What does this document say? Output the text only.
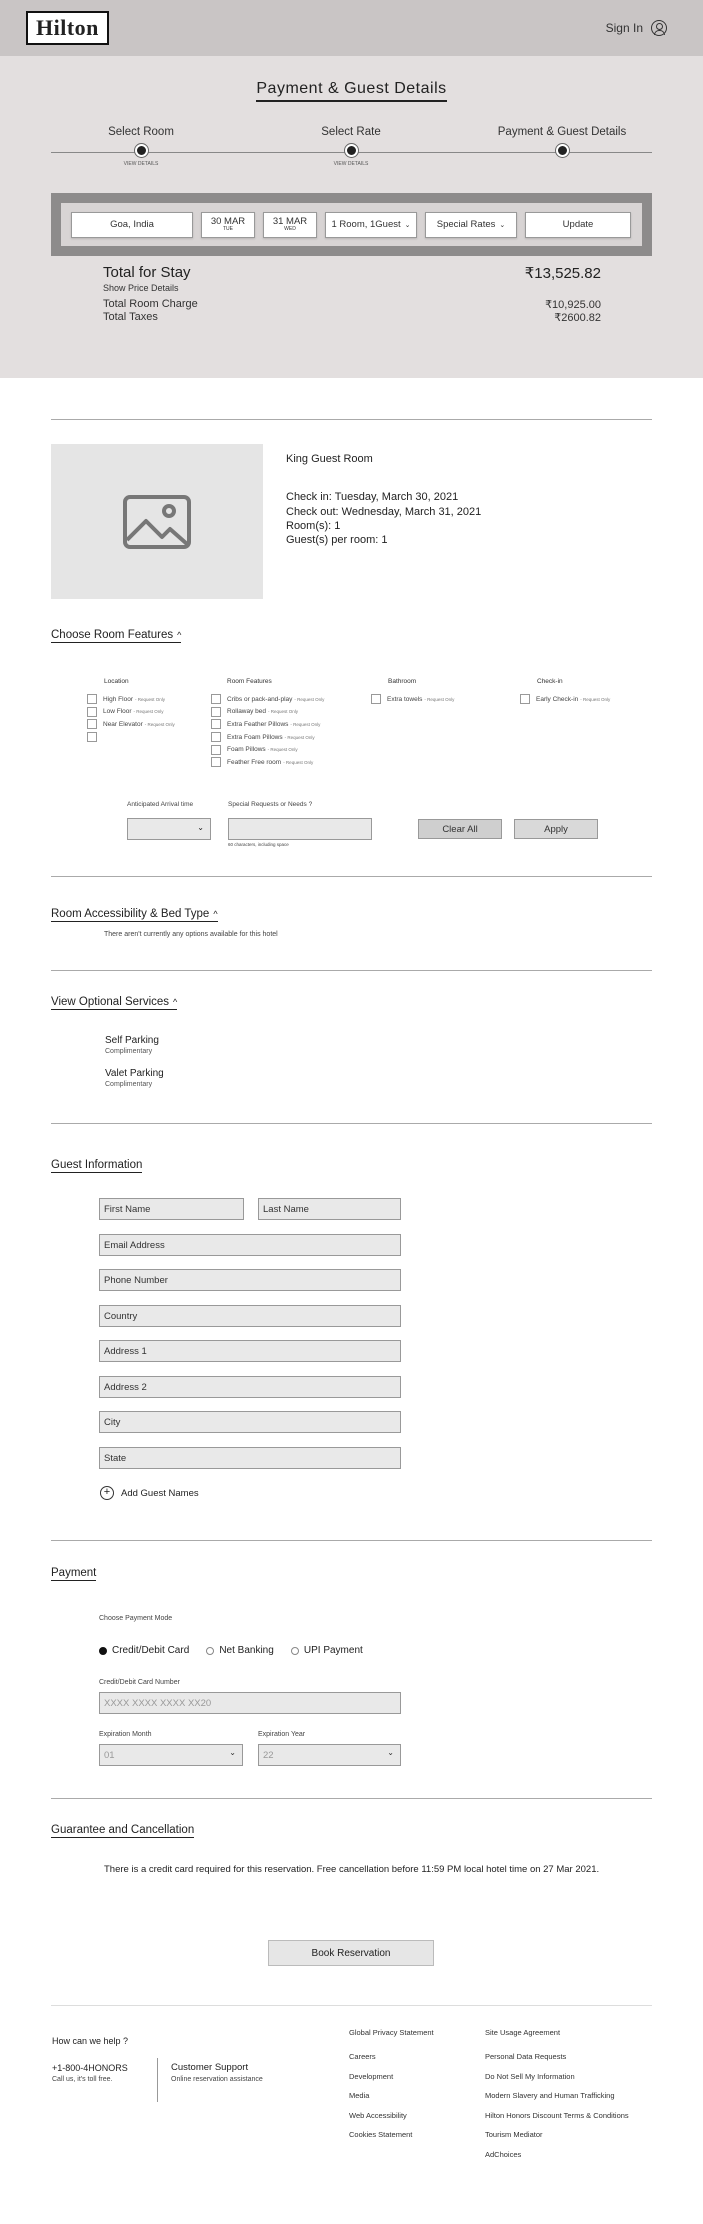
Hilton	Sign In
Payment & Guest Details
Select Room
VIEW DETAILS
Select Rate
VIEW DETAILS
Payment & Guest Details
Goa, India	30 MAR
TUE
31 MAR
WED	1 Room, 1Guest ⌄	Special Rates ⌄	Update
Total for Stay	₹13,525.82
Show Price Details
Total Room Charge	₹10,925.00
Total Taxes	₹2600.82
King Guest Room
Check in: Tuesday, March 30, 2021
Check out: Wednesday, March 31, 2021
Room(s): 1
Guest(s) per room: 1
Choose Room Features ^
Location
High Floor - Request Only
Low Floor - Request Only
Near Elevator - Request Only
Room Features
Cribs or pack-and-play - Request Only
Rollaway bed - Request Only
Extra Feather Pillows - Request Only
Extra Foam Pillows - Request Only
Foam Pillows - Request Only
Feather Free room - Request Only
Bathroom
Extra towels - Request Only
Check-in
Early Check-in - Request Only
Anticipated Arrival time
⌄
Special Requests or Needs ?
60 characters, including space
Clear All	Apply
Room Accessibility & Bed Type ^
There aren't currently any options available for this hotel
View Optional Services ^
Self Parking
Complimentary
Valet Parking
Complimentary
Guest Information
First Name	Last Name
Email Address
Phone Number
Country
Address 1
Address 2
City
State
+	Add Guest Names
Payment
Choose Payment Mode
Credit/Debit Card
	Net Banking
	UPI Payment
Credit/Debit Card Number
XXXX XXXX XXXX XX20
Expiration Month
01	⌄
Expiration Year
22	⌄
Guarantee and Cancellation
There is a credit card required for this reservation. Free cancellation before 11:59 PM local hotel time on 27 Mar 2021.
Book Reservation
How can we help ?
+1-800-4HONORS
Call us, it's toll free.
Customer Support
Online reservation assistance
Global Privacy Statement
Careers
Development
Media
Web Accessibility
Cookies Statement
Site Usage Agreement
Personal Data Requests
Do Not Sell My Information
Modern Slavery and Human Trafficking
Hilton Honors Discount Terms & Conditions
Tourism Mediator
AdChoices
